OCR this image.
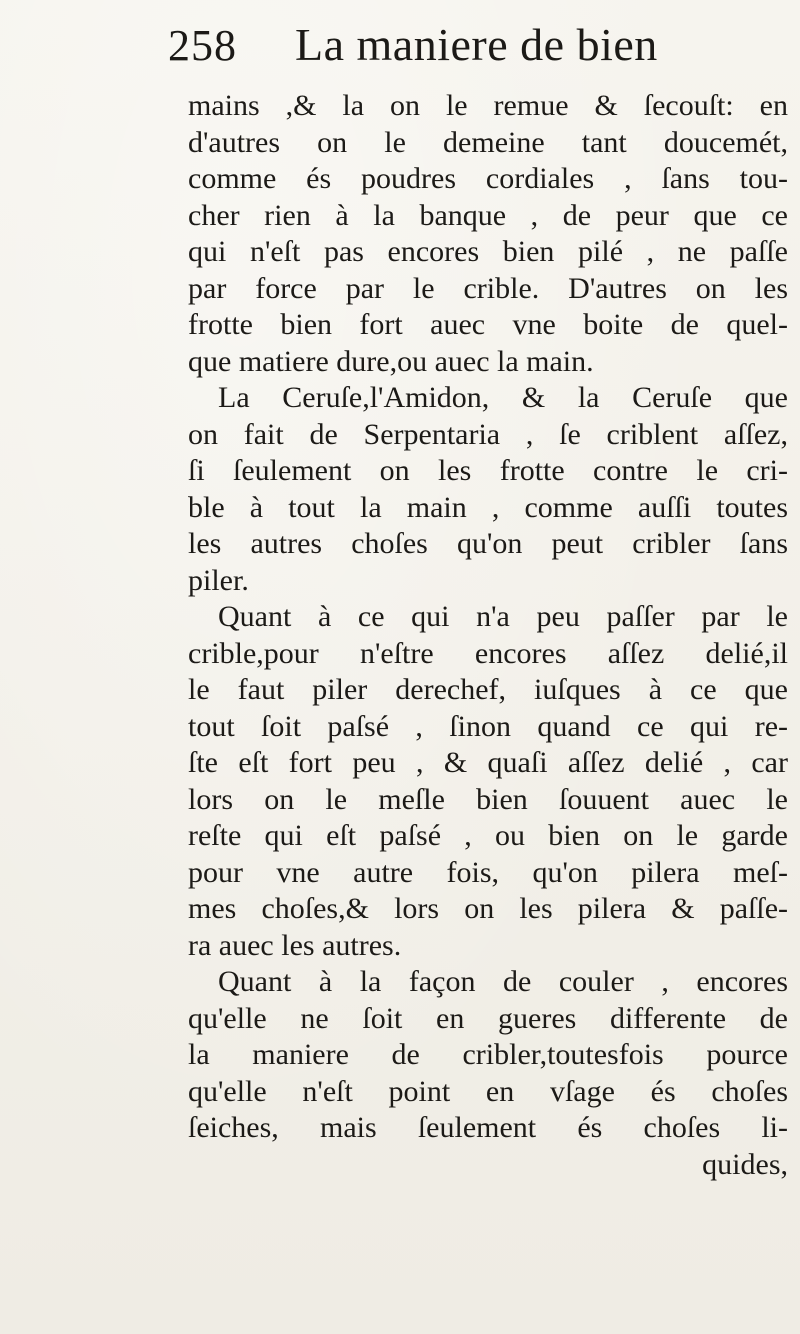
258 La maniere de bien
mains ,& la on le remue & ſecouſt: en
d'autres on le demeine tant doucemét,
comme és poudres cordiales , ſans tou-
cher rien à la banque , de peur que ce
qui n'eſt pas encores bien pilé , ne paſſe
par force par le crible. D'autres on les
frotte bien fort auec vne boite de quel-
que matiere dure,ou auec la main.
La Ceruſe,l'Amidon, & la Ceruſe que
on fait de Serpentaria , ſe criblent aſſez,
ſi ſeulement on les frotte contre le cri-
ble à tout la main , comme auſſi toutes
les autres choſes qu'on peut cribler ſans
piler.
Quant à ce qui n'a peu paſſer par le
crible,pour n'eſtre encores aſſez delié,il
le faut piler derechef, iuſques à ce que
tout ſoit paſsé , ſinon quand ce qui re-
ſte eſt fort peu , & quaſi aſſez delié , car
lors on le meſle bien ſouuent auec le
reſte qui eſt paſsé , ou bien on le garde
pour vne autre fois, qu'on pilera meſ-
mes choſes,& lors on les pilera & paſſe-
ra auec les autres.
Quant à la façon de couler , encores
qu'elle ne ſoit en gueres differente de
la maniere de cribler,toutesfois pource
qu'elle n'eſt point en vſage és choſes
ſeiches, mais ſeulement és choſes li-
quides,
